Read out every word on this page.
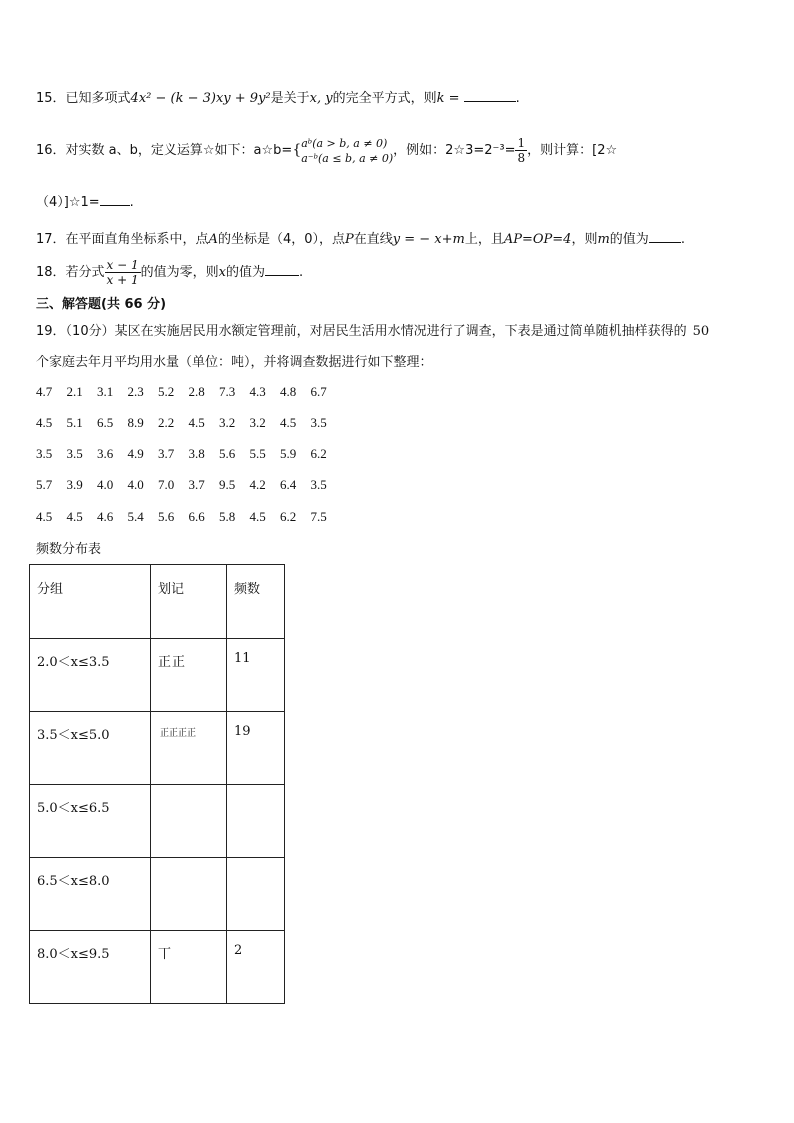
15．已知多项式4x² − (k − 3)xy + 9y²是关于x, y的完全平方式，则k =	.
16．对实数 a、b，定义运算☆如下：a☆b={ aᵇ(a > b, a ≠ 0)
a⁻ᵇ(a ≤ b, a ≠ 0) ，例如：2☆3=2⁻³= $\frac{1}{8}$ ，则计算：[2☆
（4）]☆1= .
17．在平面直角坐标系中，点A的坐标是（4，0），点P在直线y = − x+m上，且AP=OP=4，则m的值为 .
18．若分式 $\frac{x - 1}{x + 1}$ 的值为零，则x的值为	.
三、解答题(共 66 分)
19．（10分）某区在实施居民用水额定管理前，对居民生活用水情况进行了调查，下表是通过简单随机抽样获得的 50
个家庭去年月平均用水量（单位：吨），并将调查数据进行如下整理：
4.7 2.1 3.1 2.3 5.2 2.8 7.3 4.3 4.8 6.7
4.5 5.1 6.5 8.9 2.2 4.5 3.2 3.2 4.5 3.5
3.5 3.5 3.6 4.9 3.7 3.8 5.6 5.5 5.9 6.2
5.7 3.9 4.0 4.0 7.0 3.7 9.5 4.2 6.4 3.5
4.5 4.5 4.6 5.4 5.6 6.6 5.8 4.5 6.2 7.5
频数分布表
分组	划记	频数
2.0＜x≤3.5	正正	11
3.5＜x≤5.0	正正正正	19
5.0＜x≤6.5		
6.5＜x≤8.0		
8.0＜x≤9.5	丅	2
